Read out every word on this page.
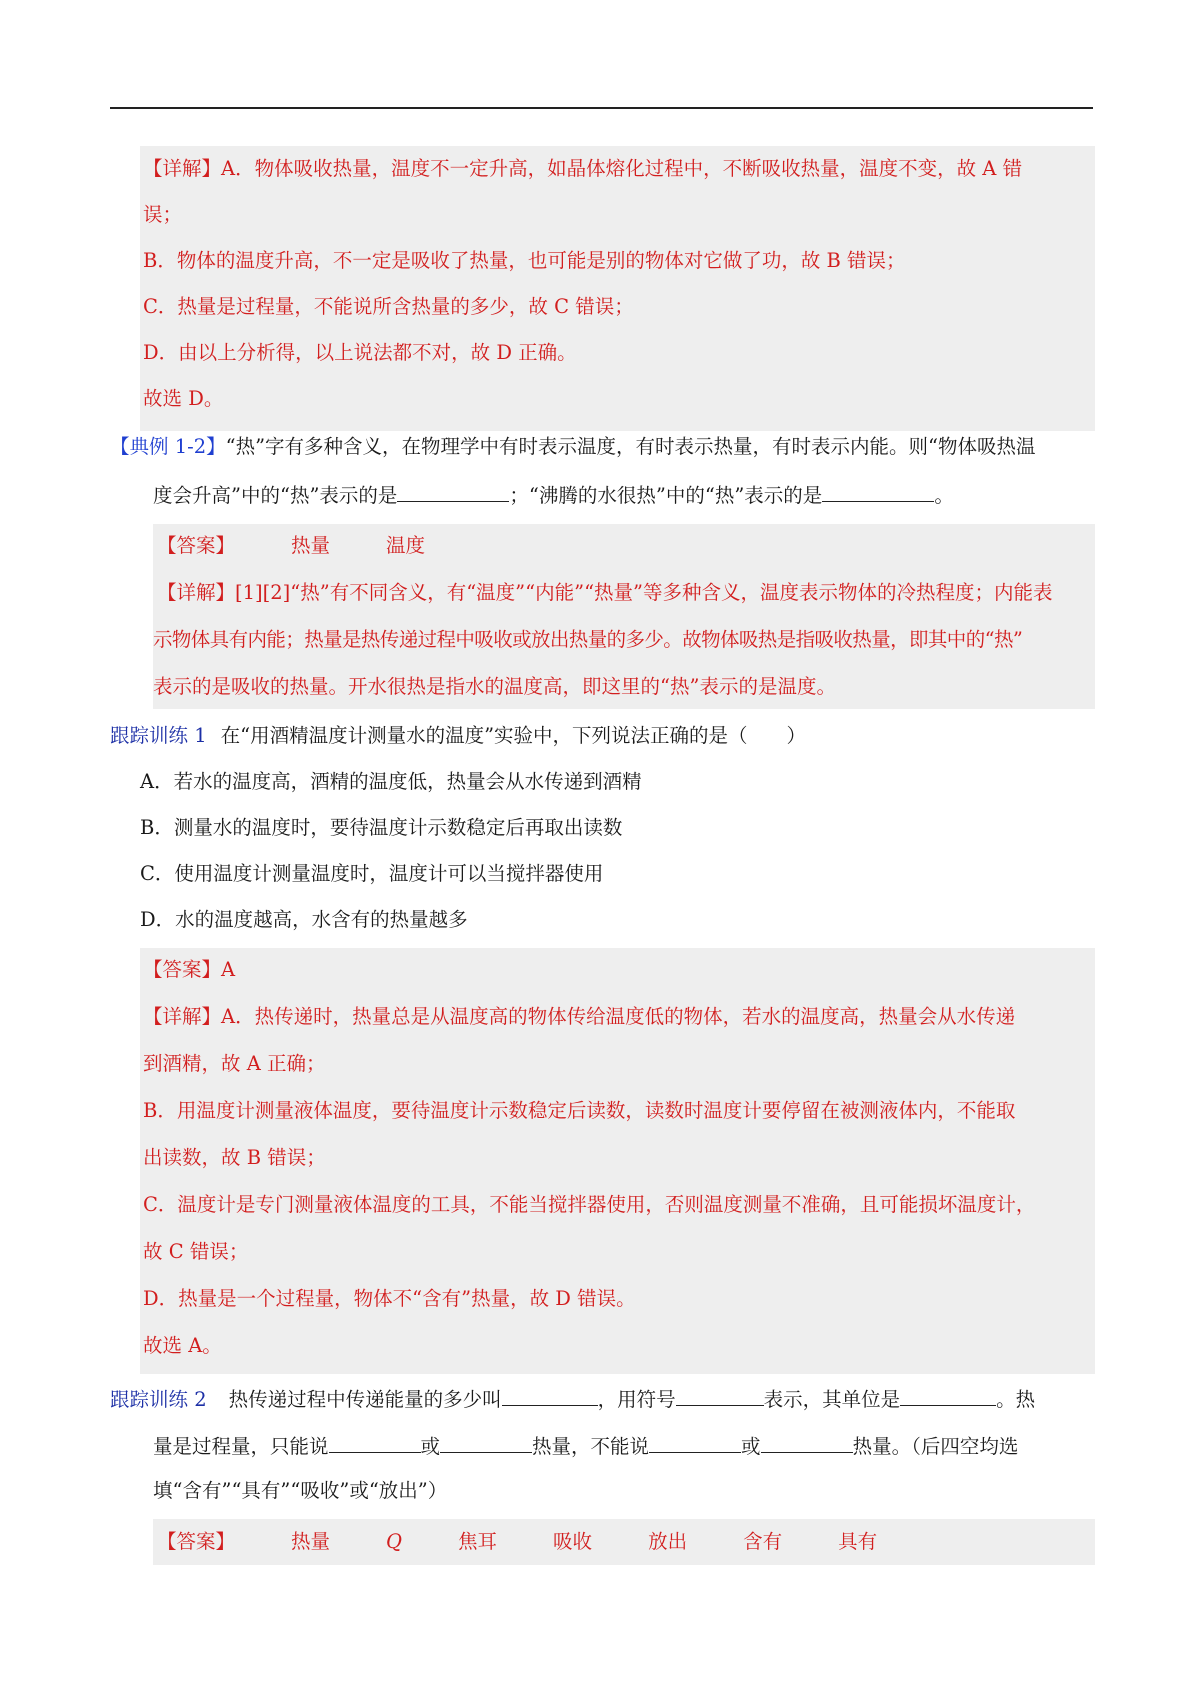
【详解】A．物体吸收热量，温度不一定升高，如晶体熔化过程中，不断吸收热量，温度不变，故 A 错
误；
B．物体的温度升高，不一定是吸收了热量，也可能是别的物体对它做了功，故 B 错误；
C．热量是过程量，不能说所含热量的多少，故 C 错误；
D．由以上分析得，以上说法都不对，故 D 正确。
故选 D。
【典例 1-2】“热”字有多种含义，在物理学中有时表示温度，有时表示热量，有时表示内能。则“物体吸热温
度会升高”中的“热”表示的是	；“沸腾的水很热”中的“热”表示的是	。
【答案】	热量	温度
【详解】[1][2]“热”有不同含义，有“温度”“内能”“热量”等多种含义，温度表示物体的冷热程度；内能表
示物体具有内能；热量是热传递过程中吸收或放出热量的多少。故物体吸热是指吸收热量，即其中的“热”
表示的是吸收的热量。开水很热是指水的温度高，即这里的“热”表示的是温度。
跟踪训练 1 在“用酒精温度计测量水的温度”实验中，下列说法正确的是（　　）
A．若水的温度高，酒精的温度低，热量会从水传递到酒精
B．测量水的温度时，要待温度计示数稳定后再取出读数
C．使用温度计测量温度时，温度计可以当搅拌器使用
D．水的温度越高，水含有的热量越多
【答案】A
【详解】A．热传递时，热量总是从温度高的物体传给温度低的物体，若水的温度高，热量会从水传递
到酒精，故 A 正确；
B．用温度计测量液体温度，要待温度计示数稳定后读数，读数时温度计要停留在被测液体内，不能取
出读数，故 B 错误；
C．温度计是专门测量液体温度的工具，不能当搅拌器使用，否则温度测量不准确，且可能损坏温度计，
故 C 错误；
D．热量是一个过程量，物体不“含有”热量，故 D 错误。
故选 A。
跟踪训练 2 热传递过程中传递能量的多少叫	，用符号	表示，其单位是	。热
量是过程量，只能说	或	热量，不能说	或	热量。（后四空均选
填“含有”“具有”“吸收”或“放出”）
【答案】	热量	Q	焦耳	吸收	放出	含有	具有
